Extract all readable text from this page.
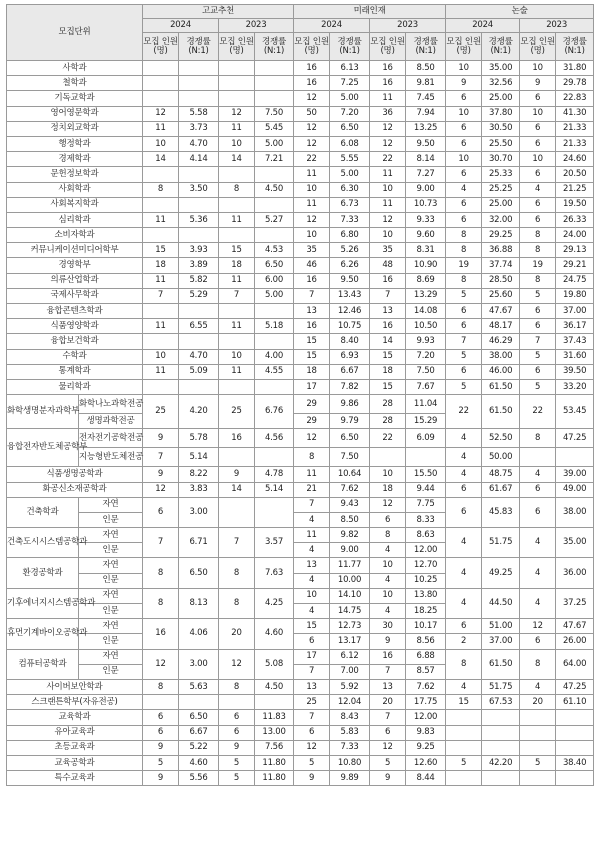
모집단위		고교추천				미래인재				논술			
		2024		2023		2024		2023		2024		2023	
		모집 인원(명)	경쟁률 (N:1)	모집 인원(명)	경쟁률 (N:1)	모집 인원(명)	경쟁률 (N:1)	모집 인원(명)	경쟁률 (N:1)	모집 인원(명)	경쟁률 (N:1)	모집 인원(명)	경쟁률 (N:1)
사학과						16	6.13	16	8.50	10	35.00	10	31.80
철학과						16	7.25	16	9.81	9	32.56	9	29.78
기독교학과						12	5.00	11	7.45	6	25.00	6	22.83
영어영문학과		12	5.58	12	7.50	50	7.20	36	7.94	10	37.80	10	41.30
정치외교학과		11	3.73	11	5.45	12	6.50	12	13.25	6	30.50	6	21.33
행정학과		10	4.70	10	5.00	12	6.08	12	9.50	6	25.50	6	21.33
경제학과		14	4.14	14	7.21	22	5.55	22	8.14	10	30.70	10	24.60
문헌정보학과						11	5.00	11	7.27	6	25.33	6	20.50
사회학과		8	3.50	8	4.50	10	6.30	10	9.00	4	25.25	4	21.25
사회복지학과						11	6.73	11	10.73	6	25.00	6	19.50
심리학과		11	5.36	11	5.27	12	7.33	12	9.33	6	32.00	6	26.33
소비자학과						10	6.80	10	9.60	8	29.25	8	24.00
커뮤니케이션미디어학부		15	3.93	15	4.53	35	5.26	35	8.31	8	36.88	8	29.13
경영학부		18	3.89	18	6.50	46	6.26	48	10.90	19	37.74	19	29.21
의류산업학과		11	5.82	11	6.00	16	9.50	16	8.69	8	28.50	8	24.75
국제사무학과		7	5.29	7	5.00	7	13.43	7	13.29	5	25.60	5	19.80
융합콘텐츠학과						13	12.46	13	14.08	6	47.67	6	37.00
식품영양학과		11	6.55	11	5.18	16	10.75	16	10.50	6	48.17	6	36.17
융합보건학과						15	8.40	14	9.93	7	46.29	7	37.43
수학과		10	4.70	10	4.00	15	6.93	15	7.20	5	38.00	5	31.60
통계학과		11	5.09	11	4.55	18	6.67	18	7.50	6	46.00	6	39.50
물리학과						17	7.82	15	7.67	5	61.50	5	33.20
화학생명분자과학부	화학나노과학전공	25	4.20	25	6.76	29	9.86	28	11.04	22	61.50	22	53.45
	생명과학전공					29	9.79	28	15.29				
융합전자반도체공학부	전자전기공학전공	9	5.78	16	4.56	12	6.50	22	6.09	4	52.50	8	47.25
	지능형반도체전공	7	5.14			8	7.50			4	50.00		
식품생명공학과		9	8.22	9	4.78	11	10.64	10	15.50	4	48.75	4	39.00
화공신소재공학과		12	3.83	14	5.14	21	7.62	18	9.44	6	61.67	6	49.00
건축학과	자연	6	3.00			7	9.43	12	7.75	6	45.83	6	38.00
	인문					4	8.50	6	8.33				
건축도시시스템공학과	자연	7	6.71	7	3.57	11	9.82	8	8.63	4	51.75	4	35.00
	인문					4	9.00	4	12.00				
환경공학과	자연	8	6.50	8	7.63	13	11.77	10	12.70	4	49.25	4	36.00
	인문					4	10.00	4	10.25				
기후에너지시스템공학과	자연	8	8.13	8	4.25	10	14.10	10	13.80	4	44.50	4	37.25
	인문					4	14.75	4	18.25				
휴먼기계바이오공학과	자연	16	4.06	20	4.60	15	12.73	30	10.17	6	51.00	12	47.67
	인문					6	13.17	9	8.56	2	37.00	6	26.00
컴퓨터공학과	자연	12	3.00	12	5.08	17	6.12	16	6.88	8	61.50	8	64.00
	인문					7	7.00	7	8.57				
사이버보안학과		8	5.63	8	4.50	13	5.92	13	7.62	4	51.75	4	47.25
스크랜튼학부(자유전공)						25	12.04	20	17.75	15	67.53	20	61.10
교육학과		6	6.50	6	11.83	7	8.43	7	12.00				
유아교육과		6	6.67	6	13.00	6	5.83	6	9.83				
초등교육과		9	5.22	9	7.56	12	7.33	12	9.25				
교육공학과		5	4.60	5	11.80	5	10.80	5	12.60	5	42.20	5	38.40
특수교육과		9	5.56	5	11.80	9	9.89	9	8.44				
